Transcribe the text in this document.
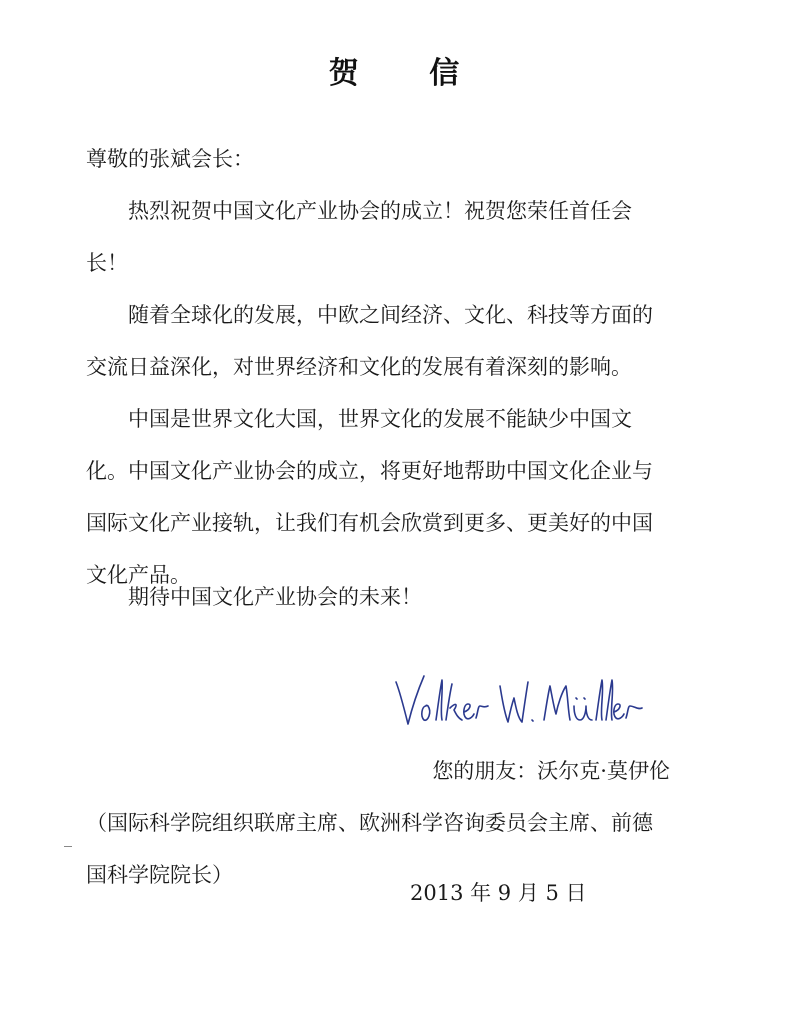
贺 信

尊敬的张斌会长：

热烈祝贺中国文化产业协会的成立！祝贺您荣任首任会长！

随着全球化的发展，中欧之间经济、文化、科技等方面的交流日益深化，对世界经济和文化的发展有着深刻的影响。

中国是世界文化大国，世界文化的发展不能缺少中国文化。中国文化产业协会的成立，将更好地帮助中国文化企业与国际文化产业接轨，让我们有机会欣赏到更多、更美好的中国文化产品。

期待中国文化产业协会的未来！

您的朋友：沃尔克·莫伊伦

（国际科学院组织联席主席、欧洲科学咨询委员会主席、前德国科学院院长）

2013 年 9 月 5 日
